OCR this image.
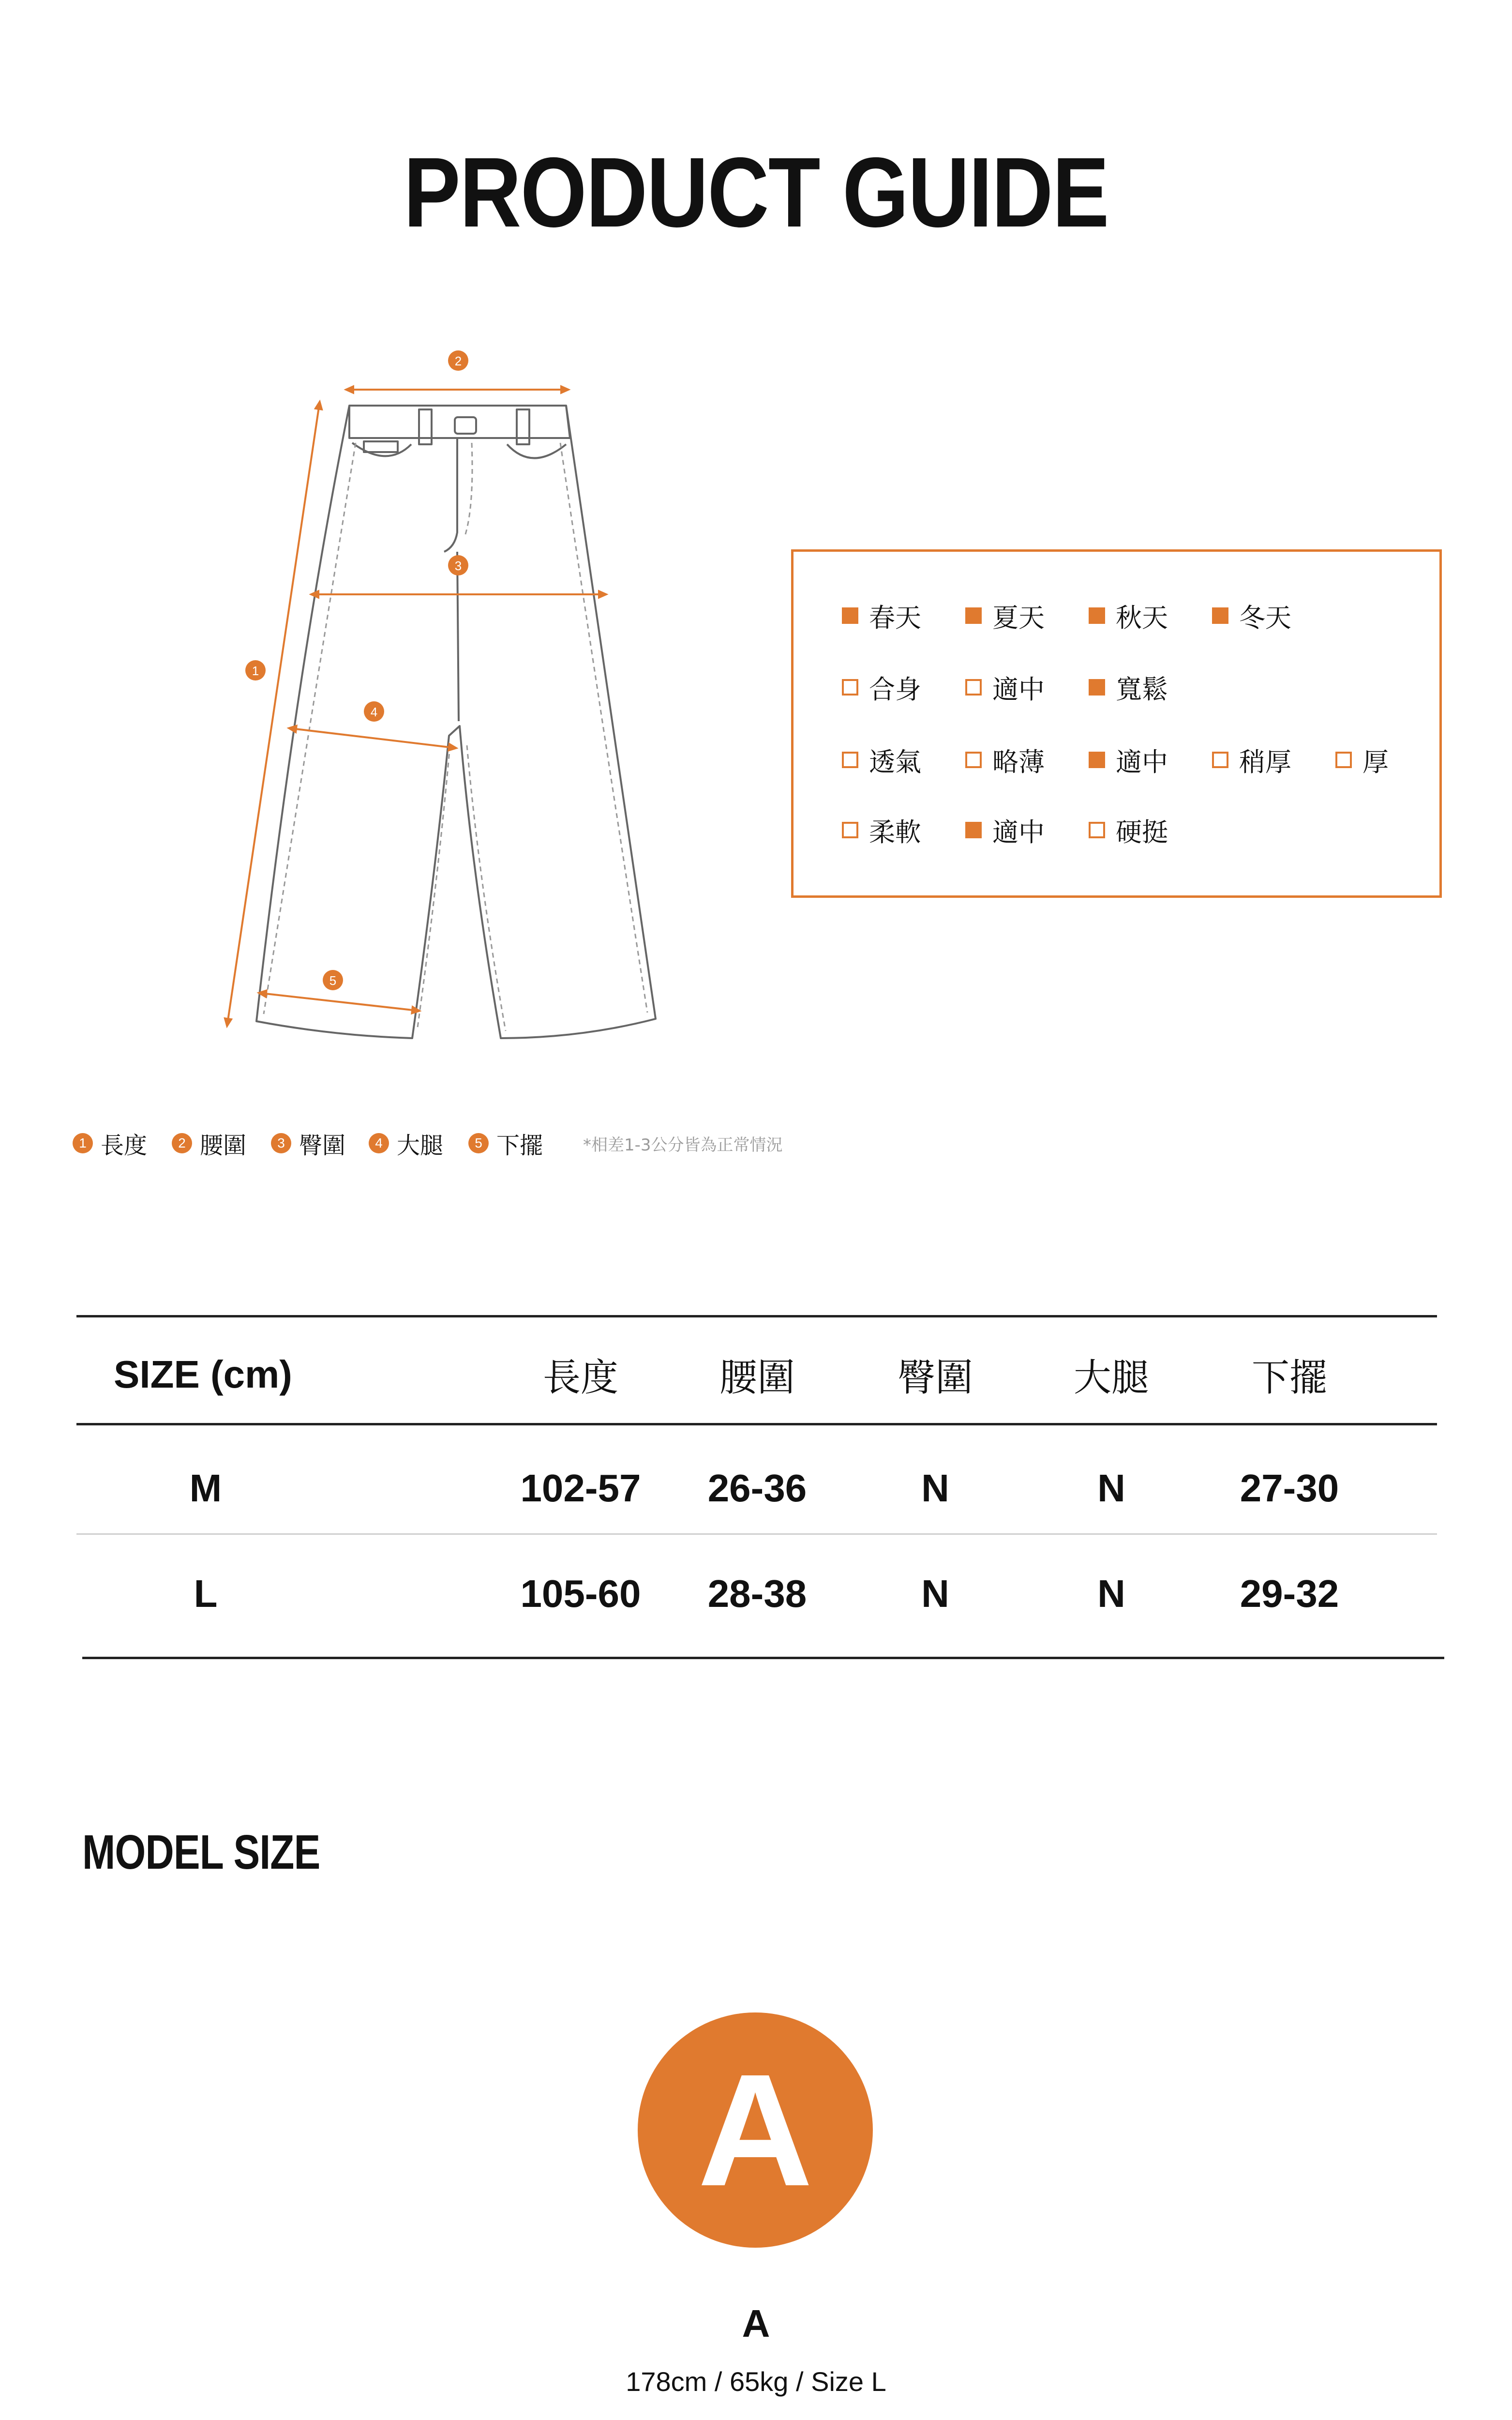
PRODUCT GUIDE
1
2
3
4
5
春天	夏天	秋天	冬天
合身	適中	寬鬆
透氣	略薄	適中	稍厚	厚
柔軟	適中	硬挺
1 長度	2 腰圍	3 臀圍	4 大腿	5 下擺 *相差1-3公分皆為正常情況
SIZE (cm)	長度	腰圍	臀圍	大腿	下擺
M	102-57	26-36	N	N	27-30
L	105-60	28-38	N	N	29-32
MODEL SIZE
A
A
178cm / 65kg / Size L
